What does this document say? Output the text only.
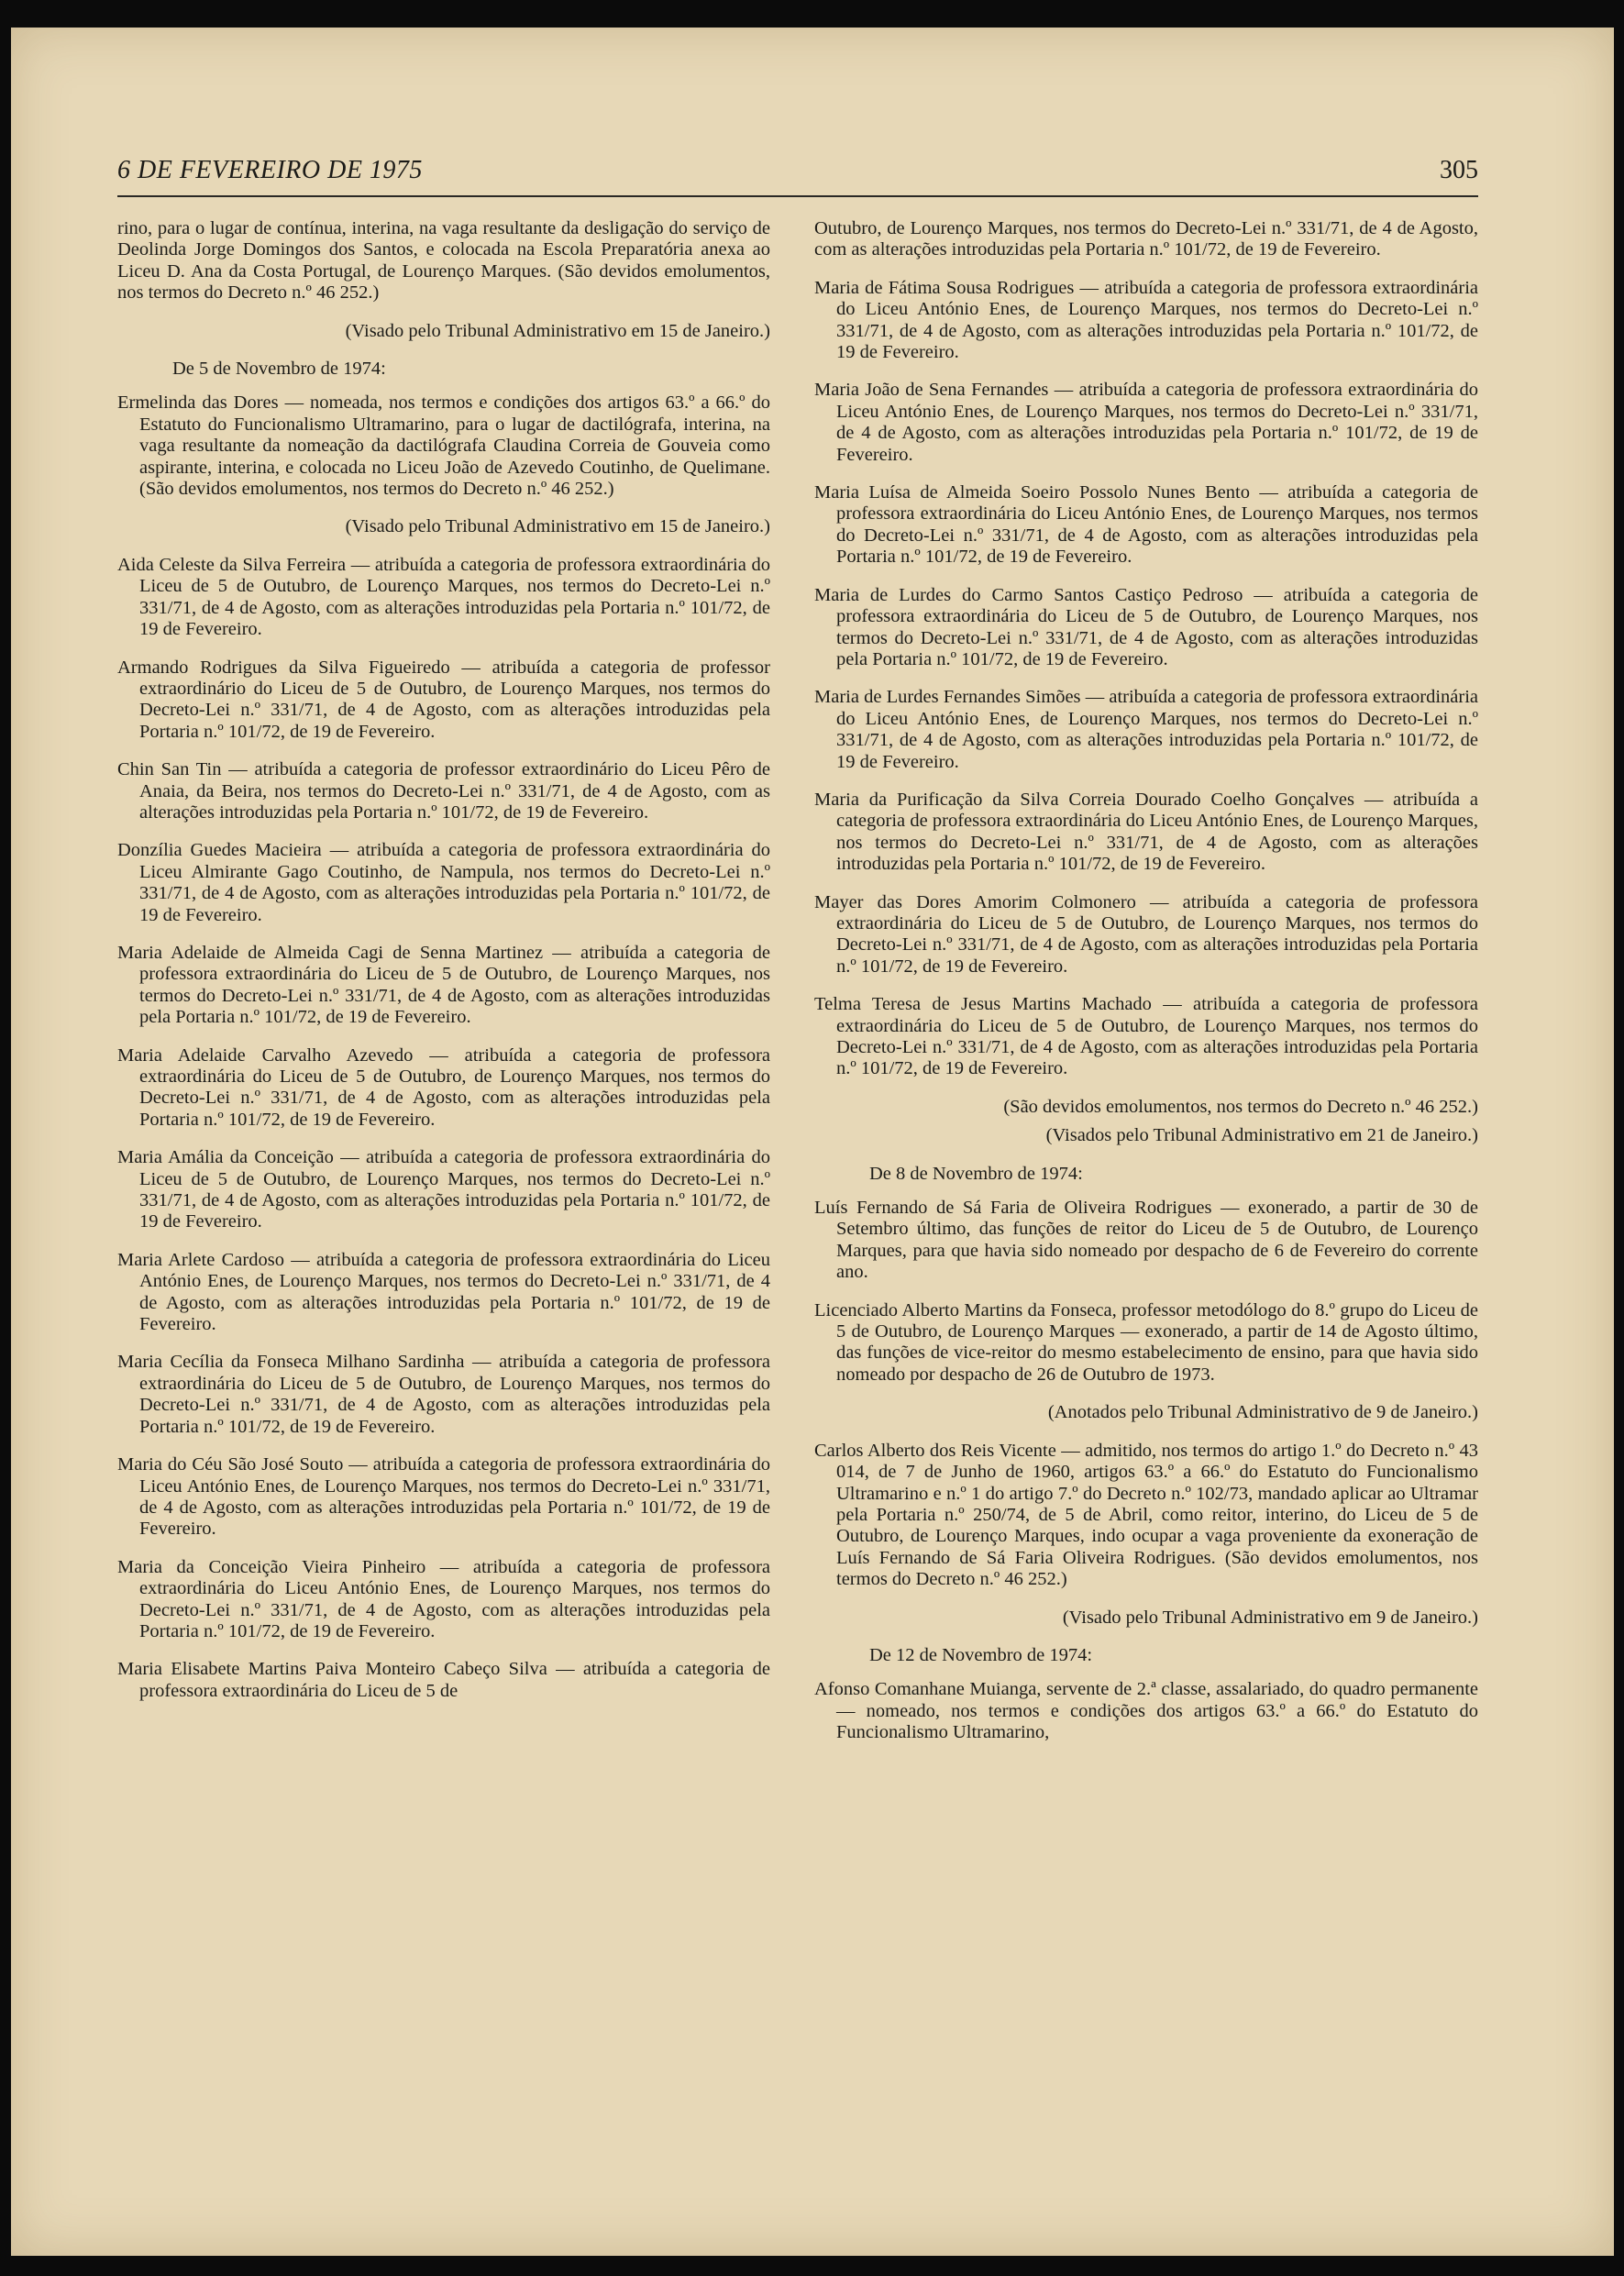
6 DE FEVEREIRO DE 1975	305

rino, para o lugar de contínua, interina, na vaga resultante da desligação do serviço de Deolinda Jorge Domingos dos Santos, e colocada na Escola Preparatória anexa ao Liceu D. Ana da Costa Portugal, de Lourenço Marques. (São devidos emolumentos, nos termos do Decreto n.º 46 252.)

(Visado pelo Tribunal Administrativo em 15 de Janeiro.)

De 5 de Novembro de 1974:

Ermelinda das Dores — nomeada, nos termos e condições dos artigos 63.º a 66.º do Estatuto do Funcionalismo Ultramarino, para o lugar de dactilógrafa, interina, na vaga resultante da nomeação da dactilógrafa Claudina Correia de Gouveia como aspirante, interina, e colocada no Liceu João de Azevedo Coutinho, de Quelimane. (São devidos emolumentos, nos termos do Decreto n.º 46 252.)

(Visado pelo Tribunal Administrativo em 15 de Janeiro.)

Aida Celeste da Silva Ferreira — atribuída a categoria de professora extraordinária do Liceu de 5 de Outubro, de Lourenço Marques, nos termos do Decreto-Lei n.º 331/71, de 4 de Agosto, com as alterações introduzidas pela Portaria n.º 101/72, de 19 de Fevereiro.

Armando Rodrigues da Silva Figueiredo — atribuída a categoria de professor extraordinário do Liceu de 5 de Outubro, de Lourenço Marques, nos termos do Decreto-Lei n.º 331/71, de 4 de Agosto, com as alterações introduzidas pela Portaria n.º 101/72, de 19 de Fevereiro.

Chin San Tin — atribuída a categoria de professor extraordinário do Liceu Pêro de Anaia, da Beira, nos termos do Decreto-Lei n.º 331/71, de 4 de Agosto, com as alterações introduzidas pela Portaria n.º 101/72, de 19 de Fevereiro.

Donzília Guedes Macieira — atribuída a categoria de professora extraordinária do Liceu Almirante Gago Coutinho, de Nampula, nos termos do Decreto-Lei n.º 331/71, de 4 de Agosto, com as alterações introduzidas pela Portaria n.º 101/72, de 19 de Fevereiro.

Maria Adelaide de Almeida Cagi de Senna Martinez — atribuída a categoria de professora extraordinária do Liceu de 5 de Outubro, de Lourenço Marques, nos termos do Decreto-Lei n.º 331/71, de 4 de Agosto, com as alterações introduzidas pela Portaria n.º 101/72, de 19 de Fevereiro.

Maria Adelaide Carvalho Azevedo — atribuída a categoria de professora extraordinária do Liceu de 5 de Outubro, de Lourenço Marques, nos termos do Decreto-Lei n.º 331/71, de 4 de Agosto, com as alterações introduzidas pela Portaria n.º 101/72, de 19 de Fevereiro.

Maria Amália da Conceição — atribuída a categoria de professora extraordinária do Liceu de 5 de Outubro, de Lourenço Marques, nos termos do Decreto-Lei n.º 331/71, de 4 de Agosto, com as alterações introduzidas pela Portaria n.º 101/72, de 19 de Fevereiro.

Maria Arlete Cardoso — atribuída a categoria de professora extraordinária do Liceu António Enes, de Lourenço Marques, nos termos do Decreto-Lei n.º 331/71, de 4 de Agosto, com as alterações introduzidas pela Portaria n.º 101/72, de 19 de Fevereiro.

Maria Cecília da Fonseca Milhano Sardinha — atribuída a categoria de professora extraordinária do Liceu de 5 de Outubro, de Lourenço Marques, nos termos do Decreto-Lei n.º 331/71, de 4 de Agosto, com as alterações introduzidas pela Portaria n.º 101/72, de 19 de Fevereiro.

Maria do Céu São José Souto — atribuída a categoria de professora extraordinária do Liceu António Enes, de Lourenço Marques, nos termos do Decreto-Lei n.º 331/71, de 4 de Agosto, com as alterações introduzidas pela Portaria n.º 101/72, de 19 de Fevereiro.

Maria da Conceição Vieira Pinheiro — atribuída a categoria de professora extraordinária do Liceu António Enes, de Lourenço Marques, nos termos do Decreto-Lei n.º 331/71, de 4 de Agosto, com as alterações introduzidas pela Portaria n.º 101/72, de 19 de Fevereiro.

Maria Elisabete Martins Paiva Monteiro Cabeço Silva — atribuída a categoria de professora extraordinária do Liceu de 5 de

Outubro, de Lourenço Marques, nos termos do Decreto-Lei n.º 331/71, de 4 de Agosto, com as alterações introduzidas pela Portaria n.º 101/72, de 19 de Fevereiro.

Maria de Fátima Sousa Rodrigues — atribuída a categoria de professora extraordinária do Liceu António Enes, de Lourenço Marques, nos termos do Decreto-Lei n.º 331/71, de 4 de Agosto, com as alterações introduzidas pela Portaria n.º 101/72, de 19 de Fevereiro.

Maria João de Sena Fernandes — atribuída a categoria de professora extraordinária do Liceu António Enes, de Lourenço Marques, nos termos do Decreto-Lei n.º 331/71, de 4 de Agosto, com as alterações introduzidas pela Portaria n.º 101/72, de 19 de Fevereiro.

Maria Luísa de Almeida Soeiro Possolo Nunes Bento — atribuída a categoria de professora extraordinária do Liceu António Enes, de Lourenço Marques, nos termos do Decreto-Lei n.º 331/71, de 4 de Agosto, com as alterações introduzidas pela Portaria n.º 101/72, de 19 de Fevereiro.

Maria de Lurdes do Carmo Santos Castiço Pedroso — atribuída a categoria de professora extraordinária do Liceu de 5 de Outubro, de Lourenço Marques, nos termos do Decreto-Lei n.º 331/71, de 4 de Agosto, com as alterações introduzidas pela Portaria n.º 101/72, de 19 de Fevereiro.

Maria de Lurdes Fernandes Simões — atribuída a categoria de professora extraordinária do Liceu António Enes, de Lourenço Marques, nos termos do Decreto-Lei n.º 331/71, de 4 de Agosto, com as alterações introduzidas pela Portaria n.º 101/72, de 19 de Fevereiro.

Maria da Purificação da Silva Correia Dourado Coelho Gonçalves — atribuída a categoria de professora extraordinária do Liceu António Enes, de Lourenço Marques, nos termos do Decreto-Lei n.º 331/71, de 4 de Agosto, com as alterações introduzidas pela Portaria n.º 101/72, de 19 de Fevereiro.

Mayer das Dores Amorim Colmonero — atribuída a categoria de professora extraordinária do Liceu de 5 de Outubro, de Lourenço Marques, nos termos do Decreto-Lei n.º 331/71, de 4 de Agosto, com as alterações introduzidas pela Portaria n.º 101/72, de 19 de Fevereiro.

Telma Teresa de Jesus Martins Machado — atribuída a categoria de professora extraordinária do Liceu de 5 de Outubro, de Lourenço Marques, nos termos do Decreto-Lei n.º 331/71, de 4 de Agosto, com as alterações introduzidas pela Portaria n.º 101/72, de 19 de Fevereiro.

(São devidos emolumentos, nos termos do Decreto n.º 46 252.)

(Visados pelo Tribunal Administrativo em 21 de Janeiro.)

De 8 de Novembro de 1974:

Luís Fernando de Sá Faria de Oliveira Rodrigues — exonerado, a partir de 30 de Setembro último, das funções de reitor do Liceu de 5 de Outubro, de Lourenço Marques, para que havia sido nomeado por despacho de 6 de Fevereiro do corrente ano.

Licenciado Alberto Martins da Fonseca, professor metodólogo do 8.º grupo do Liceu de 5 de Outubro, de Lourenço Marques — exonerado, a partir de 14 de Agosto último, das funções de vice-reitor do mesmo estabelecimento de ensino, para que havia sido nomeado por despacho de 26 de Outubro de 1973.

(Anotados pelo Tribunal Administrativo de 9 de Janeiro.)

Carlos Alberto dos Reis Vicente — admitido, nos termos do artigo 1.º do Decreto n.º 43 014, de 7 de Junho de 1960, artigos 63.º a 66.º do Estatuto do Funcionalismo Ultramarino e n.º 1 do artigo 7.º do Decreto n.º 102/73, mandado aplicar ao Ultramar pela Portaria n.º 250/74, de 5 de Abril, como reitor, interino, do Liceu de 5 de Outubro, de Lourenço Marques, indo ocupar a vaga proveniente da exoneração de Luís Fernando de Sá Faria Oliveira Rodrigues. (São devidos emolumentos, nos termos do Decreto n.º 46 252.)

(Visado pelo Tribunal Administrativo em 9 de Janeiro.)

De 12 de Novembro de 1974:

Afonso Comanhane Muianga, servente de 2.ª classe, assalariado, do quadro permanente — nomeado, nos termos e condições dos artigos 63.º a 66.º do Estatuto do Funcionalismo Ultramarino,
